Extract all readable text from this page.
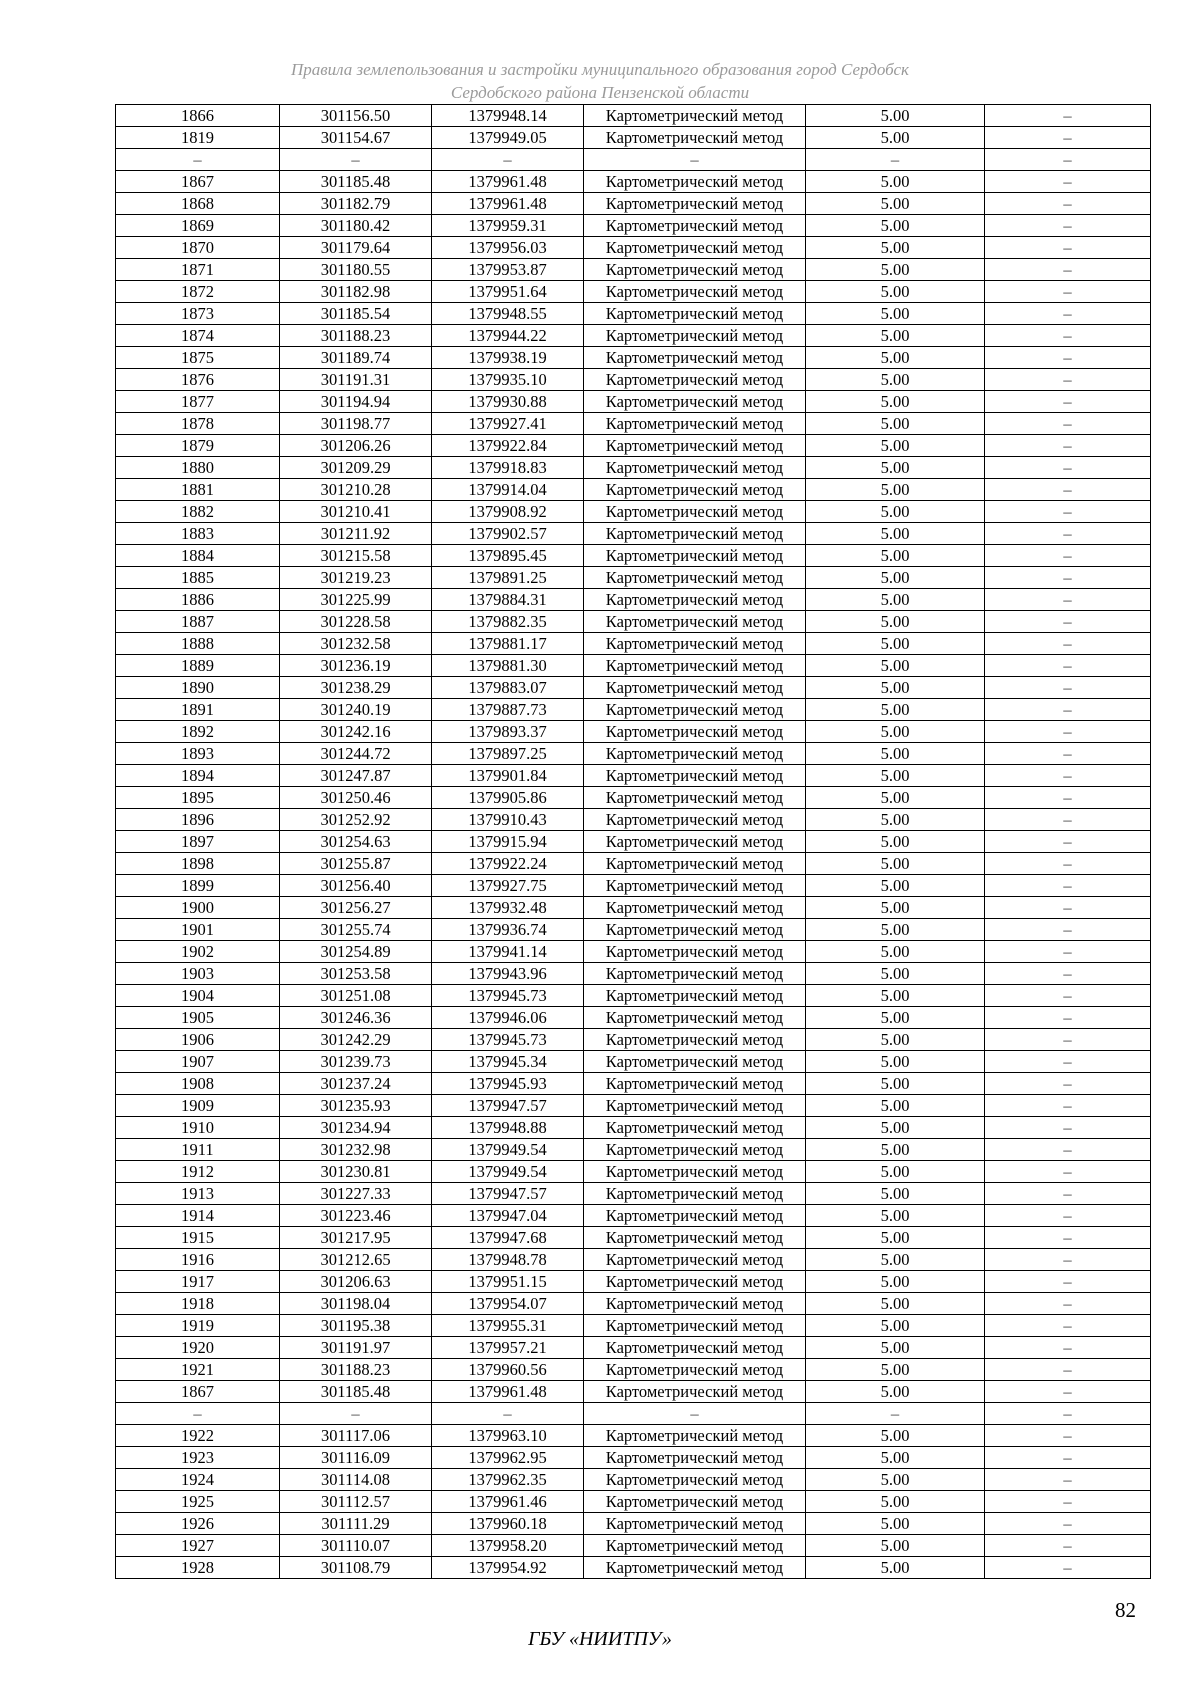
Правила землепользования и застройки муниципального образования город Сердобск
Сердобского района Пензенской области
1866	301156.50	1379948.14	Картометрический метод	5.00	–
1819	301154.67	1379949.05	Картометрический метод	5.00	–
–	–	–	–	–	–
1867	301185.48	1379961.48	Картометрический метод	5.00	–
1868	301182.79	1379961.48	Картометрический метод	5.00	–
1869	301180.42	1379959.31	Картометрический метод	5.00	–
1870	301179.64	1379956.03	Картометрический метод	5.00	–
1871	301180.55	1379953.87	Картометрический метод	5.00	–
1872	301182.98	1379951.64	Картометрический метод	5.00	–
1873	301185.54	1379948.55	Картометрический метод	5.00	–
1874	301188.23	1379944.22	Картометрический метод	5.00	–
1875	301189.74	1379938.19	Картометрический метод	5.00	–
1876	301191.31	1379935.10	Картометрический метод	5.00	–
1877	301194.94	1379930.88	Картометрический метод	5.00	–
1878	301198.77	1379927.41	Картометрический метод	5.00	–
1879	301206.26	1379922.84	Картометрический метод	5.00	–
1880	301209.29	1379918.83	Картометрический метод	5.00	–
1881	301210.28	1379914.04	Картометрический метод	5.00	–
1882	301210.41	1379908.92	Картометрический метод	5.00	–
1883	301211.92	1379902.57	Картометрический метод	5.00	–
1884	301215.58	1379895.45	Картометрический метод	5.00	–
1885	301219.23	1379891.25	Картометрический метод	5.00	–
1886	301225.99	1379884.31	Картометрический метод	5.00	–
1887	301228.58	1379882.35	Картометрический метод	5.00	–
1888	301232.58	1379881.17	Картометрический метод	5.00	–
1889	301236.19	1379881.30	Картометрический метод	5.00	–
1890	301238.29	1379883.07	Картометрический метод	5.00	–
1891	301240.19	1379887.73	Картометрический метод	5.00	–
1892	301242.16	1379893.37	Картометрический метод	5.00	–
1893	301244.72	1379897.25	Картометрический метод	5.00	–
1894	301247.87	1379901.84	Картометрический метод	5.00	–
1895	301250.46	1379905.86	Картометрический метод	5.00	–
1896	301252.92	1379910.43	Картометрический метод	5.00	–
1897	301254.63	1379915.94	Картометрический метод	5.00	–
1898	301255.87	1379922.24	Картометрический метод	5.00	–
1899	301256.40	1379927.75	Картометрический метод	5.00	–
1900	301256.27	1379932.48	Картометрический метод	5.00	–
1901	301255.74	1379936.74	Картометрический метод	5.00	–
1902	301254.89	1379941.14	Картометрический метод	5.00	–
1903	301253.58	1379943.96	Картометрический метод	5.00	–
1904	301251.08	1379945.73	Картометрический метод	5.00	–
1905	301246.36	1379946.06	Картометрический метод	5.00	–
1906	301242.29	1379945.73	Картометрический метод	5.00	–
1907	301239.73	1379945.34	Картометрический метод	5.00	–
1908	301237.24	1379945.93	Картометрический метод	5.00	–
1909	301235.93	1379947.57	Картометрический метод	5.00	–
1910	301234.94	1379948.88	Картометрический метод	5.00	–
1911	301232.98	1379949.54	Картометрический метод	5.00	–
1912	301230.81	1379949.54	Картометрический метод	5.00	–
1913	301227.33	1379947.57	Картометрический метод	5.00	–
1914	301223.46	1379947.04	Картометрический метод	5.00	–
1915	301217.95	1379947.68	Картометрический метод	5.00	–
1916	301212.65	1379948.78	Картометрический метод	5.00	–
1917	301206.63	1379951.15	Картометрический метод	5.00	–
1918	301198.04	1379954.07	Картометрический метод	5.00	–
1919	301195.38	1379955.31	Картометрический метод	5.00	–
1920	301191.97	1379957.21	Картометрический метод	5.00	–
1921	301188.23	1379960.56	Картометрический метод	5.00	–
1867	301185.48	1379961.48	Картометрический метод	5.00	–
–	–	–	–	–	–
1922	301117.06	1379963.10	Картометрический метод	5.00	–
1923	301116.09	1379962.95	Картометрический метод	5.00	–
1924	301114.08	1379962.35	Картометрический метод	5.00	–
1925	301112.57	1379961.46	Картометрический метод	5.00	–
1926	301111.29	1379960.18	Картометрический метод	5.00	–
1927	301110.07	1379958.20	Картометрический метод	5.00	–
1928	301108.79	1379954.92	Картометрический метод	5.00	–
82
ГБУ «НИИТПУ»
